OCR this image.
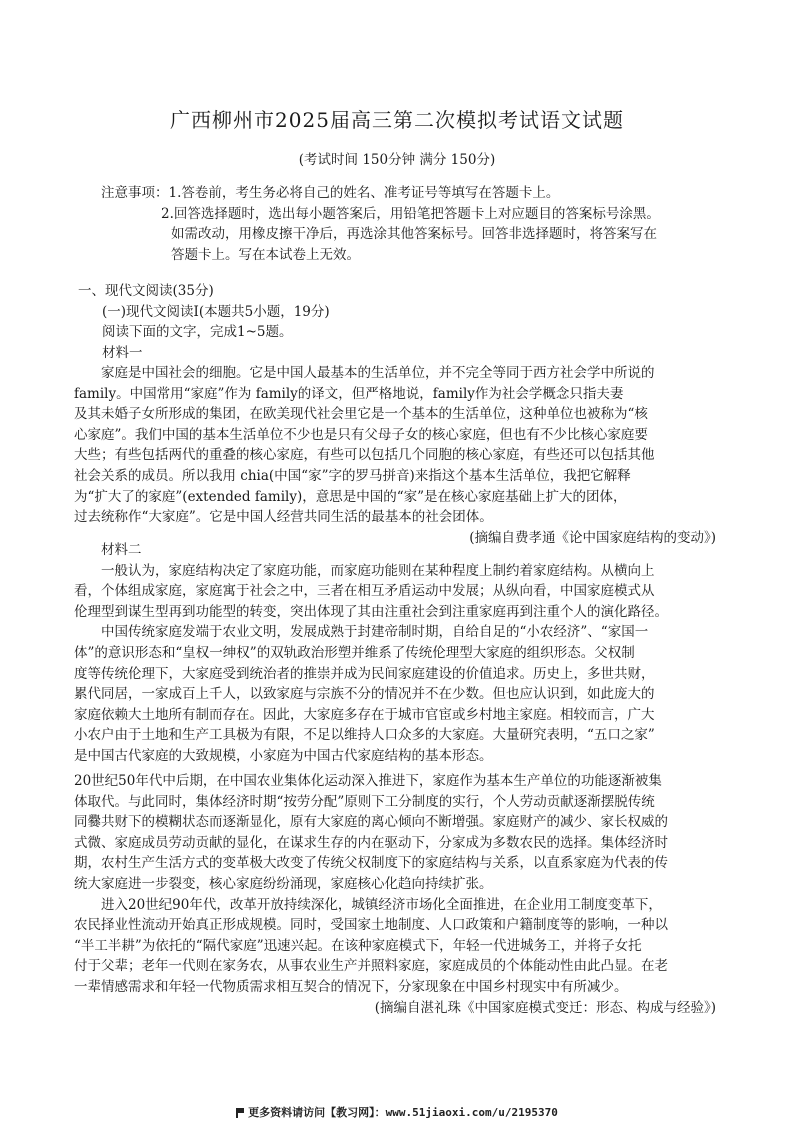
广西柳州市2025届高三第二次模拟考试语文试题
(考试时间 150分钟 满分 150分)
注意事项：1.答卷前，考生务必将自己的姓名、准考证号等填写在答题卡上。
2.回答选择题时，选出每小题答案后，用铅笔把答题卡上对应题目的答案标号涂黑。
如需改动，用橡皮擦干净后，再选涂其他答案标号。回答非选择题时，将答案写在
答题卡上。写在本试卷上无效。
一、现代文阅读(35分)
(一)现代文阅读Ⅰ(本题共5小题，19分)
阅读下面的文字，完成1~5题。
材料一
家庭是中国社会的细胞。它是中国人最基本的生活单位，并不完全等同于西方社会学中所说的
family。中国常用“家庭”作为 family的译文，但严格地说，family作为社会学概念只指夫妻
及其未婚子女所形成的集团，在欧美现代社会里它是一个基本的生活单位，这种单位也被称为“核
心家庭”。我们中国的基本生活单位不少也是只有父母子女的核心家庭，但也有不少比核心家庭要
大些；有些包括两代的重叠的核心家庭，有些可以包括几个同胞的核心家庭，有些还可以包括其他
社会关系的成员。所以我用 chia(中国“家”字的罗马拼音)来指这个基本生活单位，我把它解释
为“扩大了的家庭”(extended family)，意思是中国的“家”是在核心家庭基础上扩大的团体，
过去统称作“大家庭”。它是中国人经营共同生活的最基本的社会团体。
(摘编自费孝通《论中国家庭结构的变动》)
材料二
一般认为，家庭结构决定了家庭功能，而家庭功能则在某种程度上制约着家庭结构。从横向上
看，个体组成家庭，家庭寓于社会之中，三者在相互矛盾运动中发展；从纵向看，中国家庭模式从
伦理型到谋生型再到功能型的转变，突出体现了其由注重社会到注重家庭再到注重个人的演化路径。
中国传统家庭发端于农业文明，发展成熟于封建帝制时期，自给自足的“小农经济”、“家国一
体”的意识形态和“皇权一绅权”的双轨政治形塑并维系了传统伦理型大家庭的组织形态。父权制
度等传统伦理下，大家庭受到统治者的推崇并成为民间家庭建设的价值追求。历史上，多世共财，
累代同居，一家成百上千人，以致家庭与宗族不分的情况并不在少数。但也应认识到，如此庞大的
家庭依赖大土地所有制而存在。因此，大家庭多存在于城市官宦或乡村地主家庭。相较而言，广大
小农户由于土地和生产工具极为有限，不足以维持人口众多的大家庭。大量研究表明，“五口之家”
是中国古代家庭的大致规模，小家庭为中国古代家庭结构的基本形态。
20世纪50年代中后期，在中国农业集体化运动深入推进下，家庭作为基本生产单位的功能逐渐被集
体取代。与此同时，集体经济时期“按劳分配”原则下工分制度的实行，个人劳动贡献逐渐摆脱传统
同爨共财下的模糊状态而逐渐显化，原有大家庭的离心倾向不断增强。家庭财产的减少、家长权威的
式微、家庭成员劳动贡献的显化，在谋求生存的内在驱动下，分家成为多数农民的选择。集体经济时
期，农村生产生活方式的变革极大改变了传统父权制度下的家庭结构与关系，以直系家庭为代表的传
统大家庭进一步裂变，核心家庭纷纷涌现，家庭核心化趋向持续扩张。
进入20世纪90年代，改革开放持续深化，城镇经济市场化全面推进，在企业用工制度变革下，
农民择业性流动开始真正形成规模。同时，受国家土地制度、人口政策和户籍制度等的影响，一种以
“半工半耕”为依托的“隔代家庭”迅速兴起。在该种家庭模式下，年轻一代进城务工，并将子女托
付于父辈；老年一代则在家务农，从事农业生产并照料家庭，家庭成员的个体能动性由此凸显。在老
一辈情感需求和年轻一代物质需求相互契合的情况下，分家现象在中国乡村现实中有所减少。
(摘编自湛礼珠《中国家庭模式变迁：形态、构成与经验》)
更多资料请访问【教习网】：www.51jiaoxi.com/u/2195370
